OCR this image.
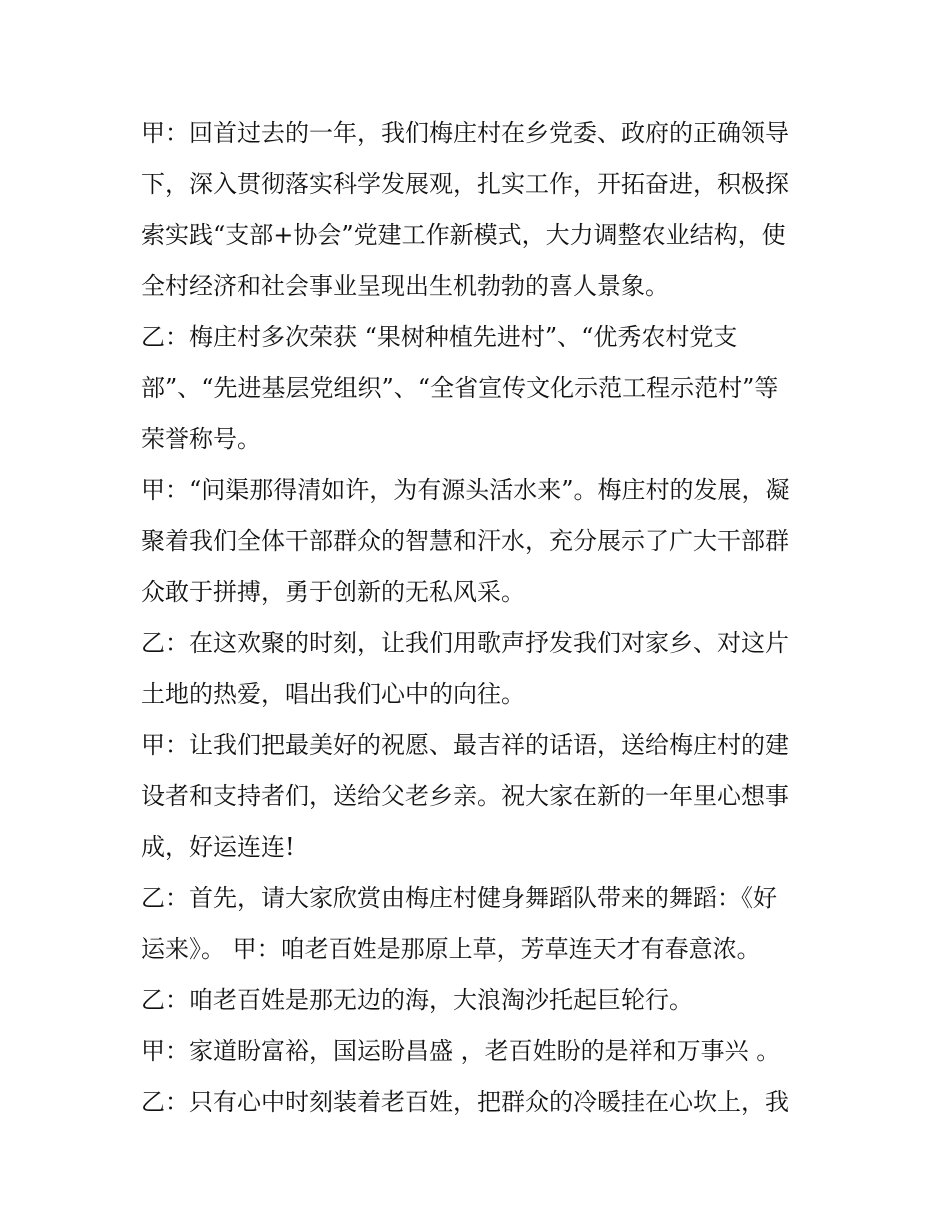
甲：回首过去的一年，我们梅庄村在乡党委、政府的正确领导
下，深入贯彻落实科学发展观，扎实工作，开拓奋进，积极探
索实践“支部+协会”党建工作新模式，大力调整农业结构，使
全村经济和社会事业呈现出生机勃勃的喜人景象。
乙：梅庄村多次荣获 “果树种植先进村”、“优秀农村党支
部”、“先进基层党组织”、“全省宣传文化示范工程示范村”等
荣誉称号。
甲：“问渠那得清如许，为有源头活水来”。梅庄村的发展，凝
聚着我们全体干部群众的智慧和汗水，充分展示了广大干部群
众敢于拼搏，勇于创新的无私风采。
乙：在这欢聚的时刻，让我们用歌声抒发我们对家乡、对这片
土地的热爱，唱出我们心中的向往。
甲：让我们把最美好的祝愿、最吉祥的话语，送给梅庄村的建
设者和支持者们，送给父老乡亲。祝大家在新的一年里心想事
成，好运连连!
乙：首先，请大家欣赏由梅庄村健身舞蹈队带来的舞蹈：《好
运来》。 甲：咱老百姓是那原上草，芳草连天才有春意浓。
乙：咱老百姓是那无边的海，大浪淘沙托起巨轮行。
甲：家道盼富裕，国运盼昌盛 ，老百姓盼的是祥和万事兴 。
乙：只有心中时刻装着老百姓，把群众的冷暖挂在心坎上，我
